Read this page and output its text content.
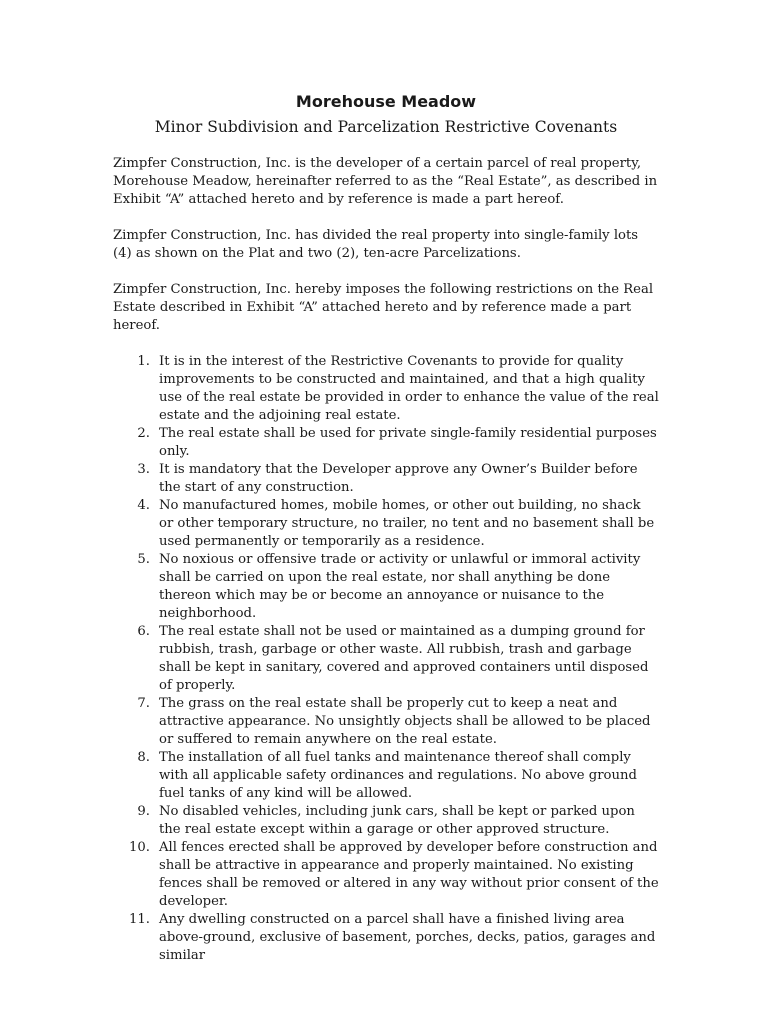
Morehouse Meadow
Minor Subdivision and Parcelization Restrictive Covenants

Zimpfer Construction, Inc. is the developer of a certain parcel of real property, Morehouse Meadow, hereinafter referred to as the “Real Estate”, as described in Exhibit “A” attached hereto and by reference is made a part hereof.

Zimpfer Construction, Inc. has divided the real property into single-family lots (4) as shown on the Plat and two (2), ten-acre Parcelizations.

Zimpfer Construction, Inc. hereby imposes the following restrictions on the Real Estate described in Exhibit “A” attached hereto and by reference made a part hereof.

1. It is in the interest of the Restrictive Covenants to provide for quality improvements to be constructed and maintained, and that a high quality use of the real estate be provided in order to enhance the value of the real estate and the adjoining real estate.
2. The real estate shall be used for private single-family residential purposes only.
3. It is mandatory that the Developer approve any Owner’s Builder before the start of any construction.
4. No manufactured homes, mobile homes, or other out building, no shack or other temporary structure, no trailer, no tent and no basement shall be used permanently or temporarily as a residence.
5. No noxious or offensive trade or activity or unlawful or immoral activity shall be carried on upon the real estate, nor shall anything be done thereon which may be or become an annoyance or nuisance to the neighborhood.
6. The real estate shall not be used or maintained as a dumping ground for rubbish, trash, garbage or other waste. All rubbish, trash and garbage shall be kept in sanitary, covered and approved containers until disposed of properly.
7. The grass on the real estate shall be properly cut to keep a neat and attractive appearance. No unsightly objects shall be allowed to be placed or suffered to remain anywhere on the real estate.
8. The installation of all fuel tanks and maintenance thereof shall comply with all applicable safety ordinances and regulations. No above ground fuel tanks of any kind will be allowed.
9. No disabled vehicles, including junk cars, shall be kept or parked upon the real estate except within a garage or other approved structure.
10. All fences erected shall be approved by developer before construction and shall be attractive in appearance and properly maintained. No existing fences shall be removed or altered in any way without prior consent of the developer.
11. Any dwelling constructed on a parcel shall have a finished living area above-ground, exclusive of basement, porches, decks, patios, garages and similar
